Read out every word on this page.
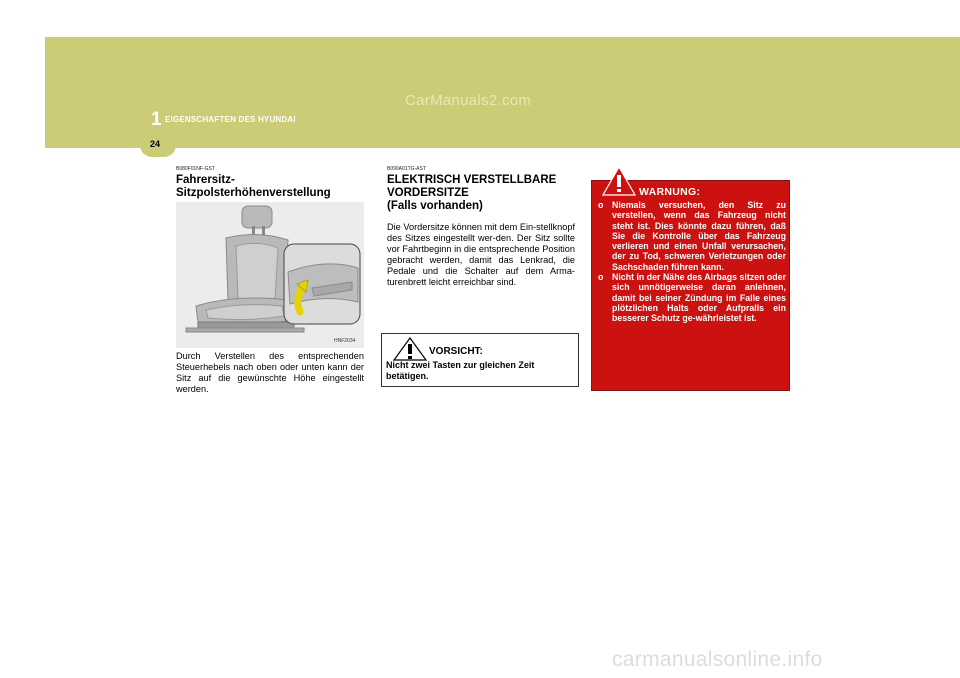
1 EIGENSCHAFTEN DES HYUNDAI
CarManuals2.com
24
B080F01NF-GST
Fahrersitz-
Sitzpolsterhöhenverstellung
HNF2034

Durch Verstellen des entsprechenden Steuerhebels nach oben oder unten kann der Sitz auf die gewünschte Höhe eingestellt werden.

B090A01TG-AST
ELEKTRISCH VERSTELLBARE
VORDERSITZE
(Falls vorhanden)

Die Vordersitze können mit dem Ein-stellknopf des Sitzes eingestellt wer-den. Der Sitz sollte vor Fahrtbeginn in die entsprechende Position gebracht werden, damit das Lenkrad, die Pedale und die Schalter auf dem Arma-turenbrett leicht erreichbar sind.

VORSICHT:
Nicht zwei Tasten zur gleichen Zeit betätigen.
WARNUNG:
o Niemals versuchen, den Sitz zu verstellen, wenn das Fahrzeug nicht steht ist. Dies könnte dazu führen, daß Sie die Kontrolle über das Fahrzeug verlieren und einen Unfall verursachen, der zu Tod, schweren Verletzungen oder Sachschaden führen kann.
o Nicht in der Nähe des Airbags sitzen oder sich unnötigerweise daran anlehnen, damit bei seiner Zündung im Falle eines plötzlichen Halts oder Aufpralls ein besserer Schutz ge-währleistet ist.
carmanualsonline.info
